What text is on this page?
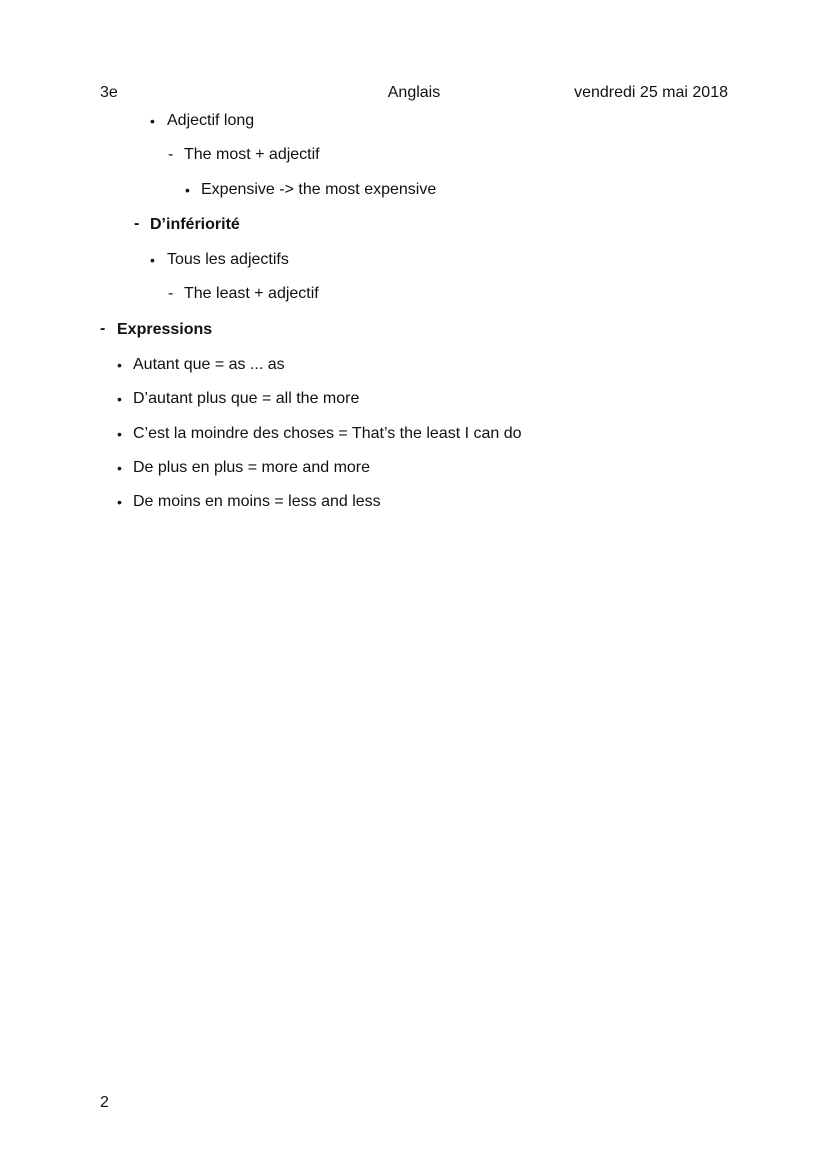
3e	Anglais	vendredi 25 mai 2018
• Adjectif long
- The most + adjectif
• Expensive -> the most expensive
- D’infériorité
• Tous les adjectifs
- The least + adjectif
- Expressions
• Autant que = as ... as
• D’autant plus que = all the more
• C’est la moindre des choses = That’s the least I can do
• De plus en plus = more and more
• De moins en moins = less and less
2
